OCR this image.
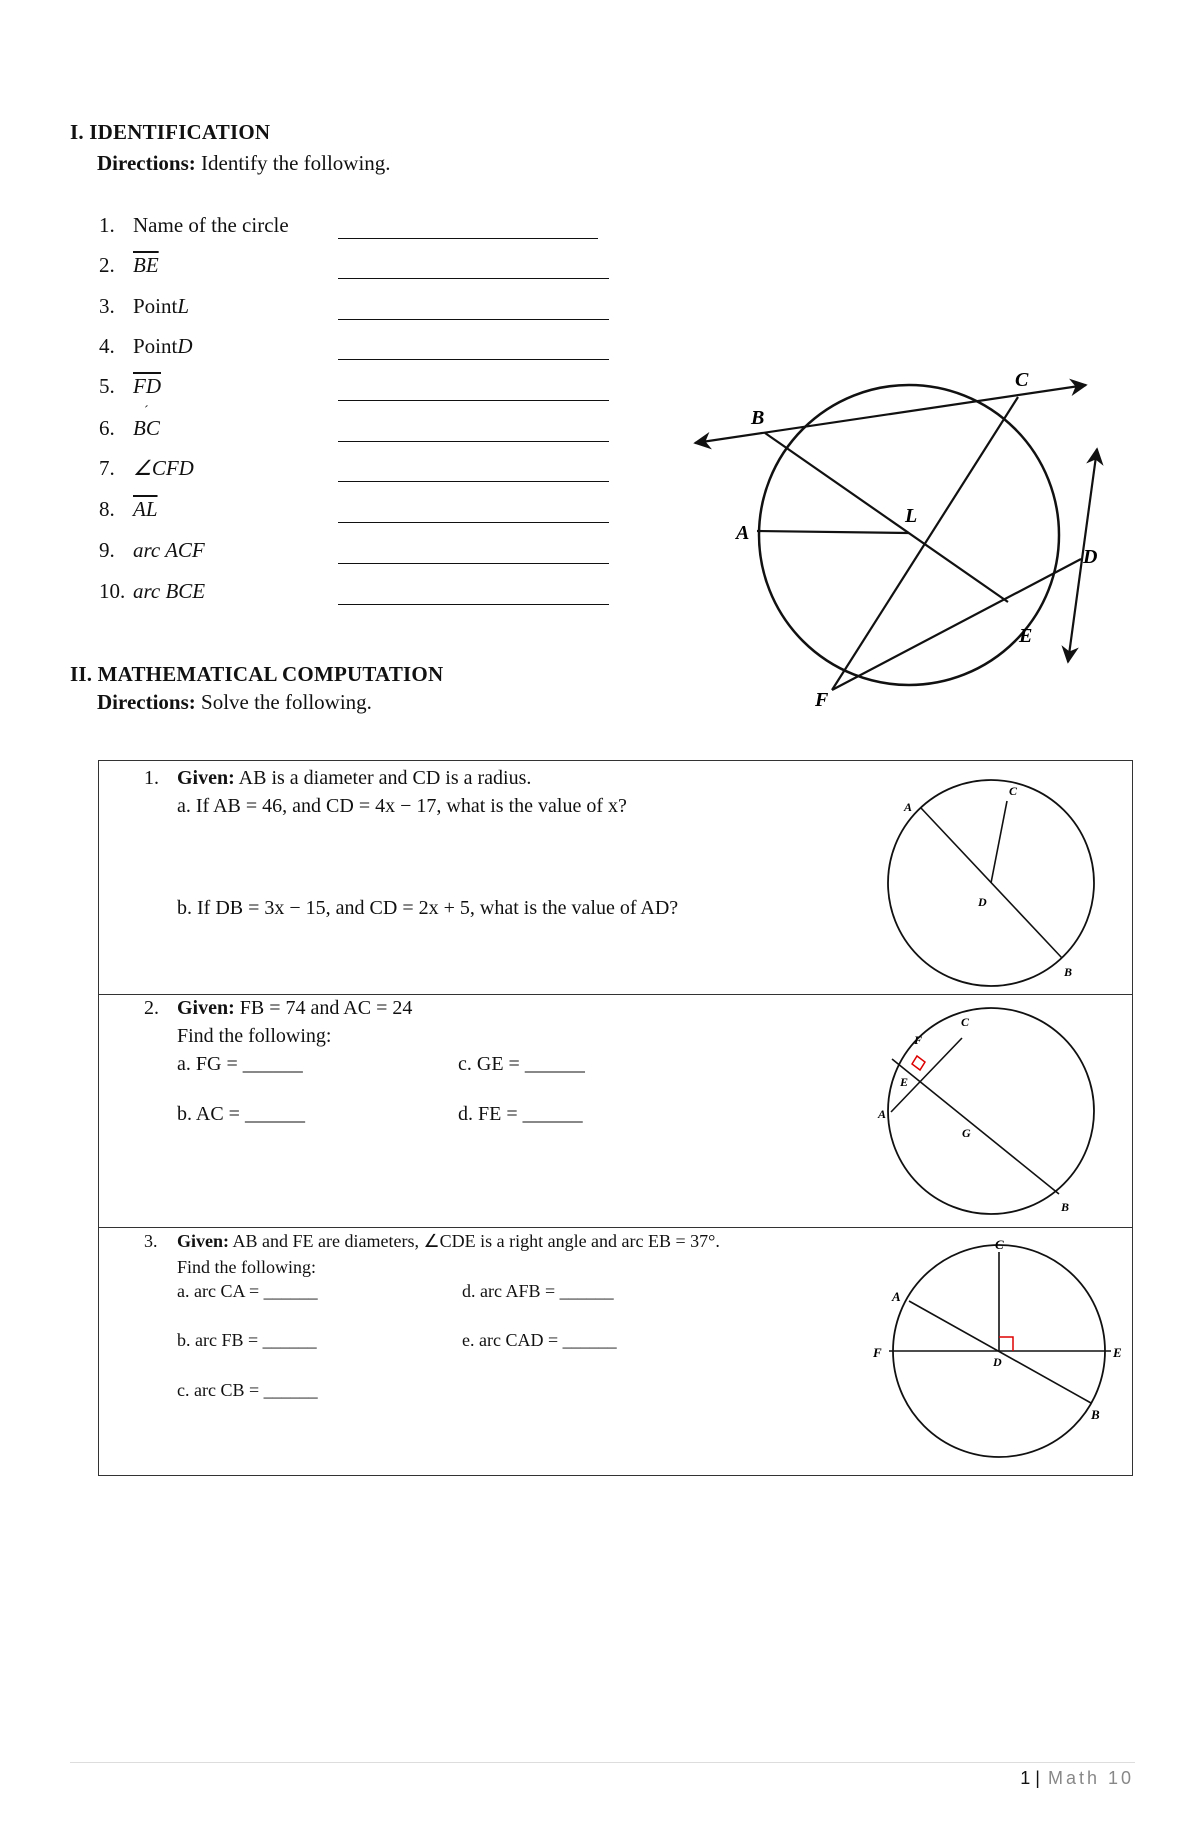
I. IDENTIFICATION
Directions: Identify the following.
1. Name of the circle
2. $\overline{BE}$
3. PointL
4. PointD
5. $\overline{FD}$
6. BC
´
7. ∠CFD
8. $\overline{AL}$
9. arc ACF
10. arc BCE
A
B
C
D
E
F
L
II. MATHEMATICAL COMPUTATION
Directions: Solve the following.
1. Given: AB is a diameter and CD is a radius.
a. If AB = 46, and CD = 4x − 17, what is the value of x?
b. If DB = 3x − 15, and CD = 2x + 5, what is the value of AD?
A
C
D
B
2. Given: FB = 74 and AC = 24
Find the following:
a. FG = ______	c. GE = ______
b. AC = ______	d. FE = ______
F
C
E
A
G
B
3. Given: AB and FE are diameters, ∠CDE is a right angle and arc EB = 37°.
Find the following:
a. arc CA = ______	d. arc AFB = ______
b. arc FB = ______	e. arc CAD = ______
c. arc CB = ______
C
A
F
D
E
B
1 | Math 10
